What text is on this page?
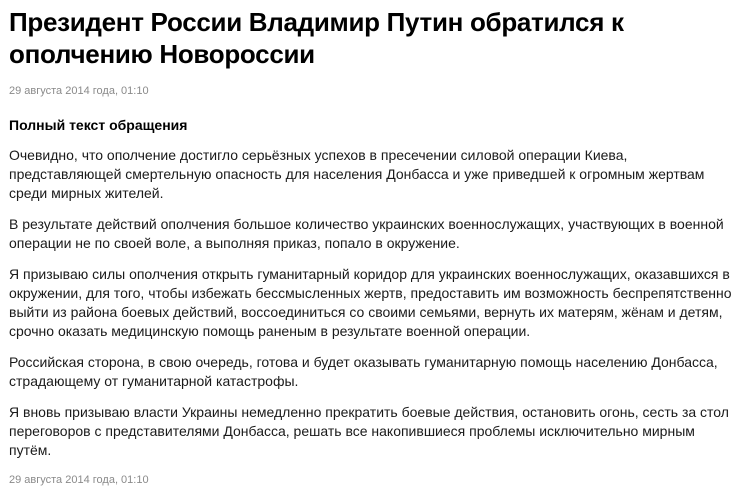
Президент России Владимир Путин обратился к ополчению Новороссии
29 августа 2014 года, 01:10

Полный текст обращения

Очевидно, что ополчение достигло серьёзных успехов в пресечении силовой операции Киева, представляющей смертельную опасность для населения Донбасса и уже приведшей к огромным жертвам среди мирных жителей.

В результате действий ополчения большое количество украинских военнослужащих, участвующих в военной операции не по своей воле, а выполняя приказ, попало в окружение.

Я призываю силы ополчения открыть гуманитарный коридор для украинских военнослужащих, оказавшихся в окружении, для того, чтобы избежать бессмысленных жертв, предоставить им возможность беспрепятственно выйти из района боевых действий, воссоединиться со своими семьями, вернуть их матерям, жёнам и детям, срочно оказать медицинскую помощь раненым в результате военной операции.

Российская сторона, в свою очередь, готова и будет оказывать гуманитарную помощь населению Донбасса, страдающему от гуманитарной катастрофы.

Я вновь призываю власти Украины немедленно прекратить боевые действия, остановить огонь, сесть за стол переговоров с представителями Донбасса, решать все накопившиеся проблемы исключительно мирным путём.

29 августа 2014 года, 01:10
